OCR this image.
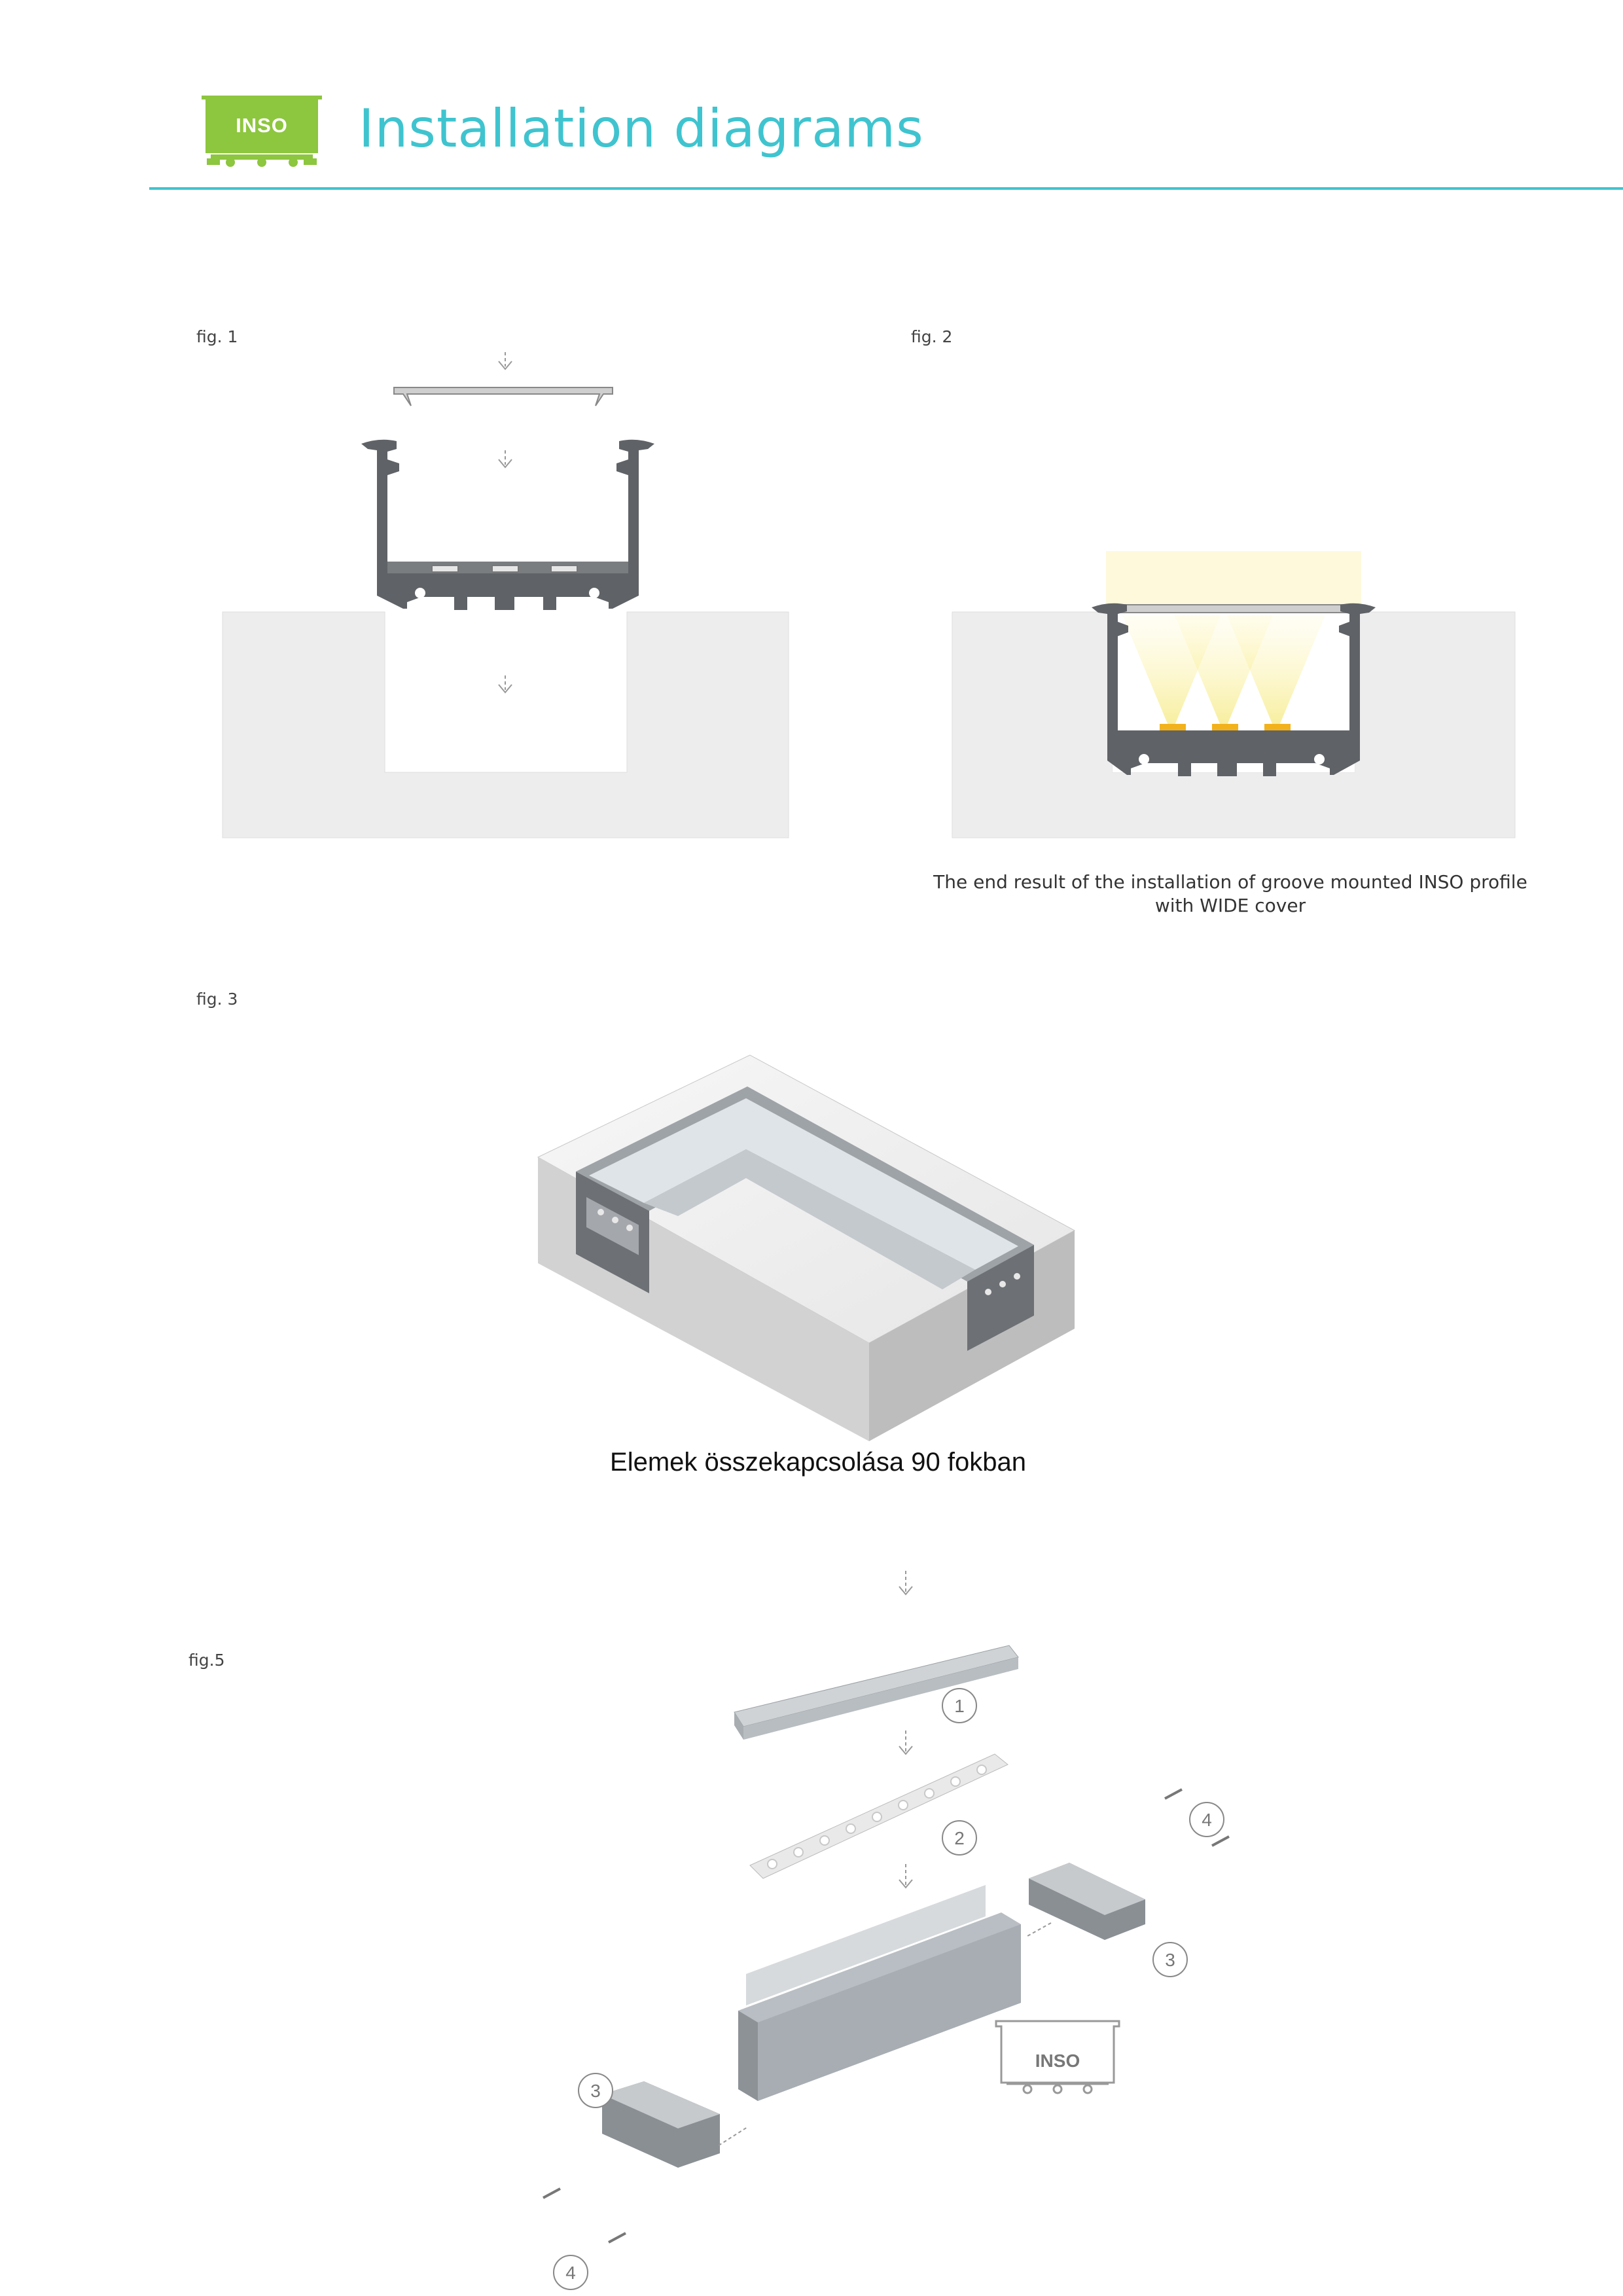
INSO	Installation diagrams
fig. 1	fig. 2
The end result of the installation of groove mounted INSO profile with WIDE cover
fig. 3
Elemek összekapcsolása 90 fokban
fig.5
1
2
3
4
3
4
INSO
